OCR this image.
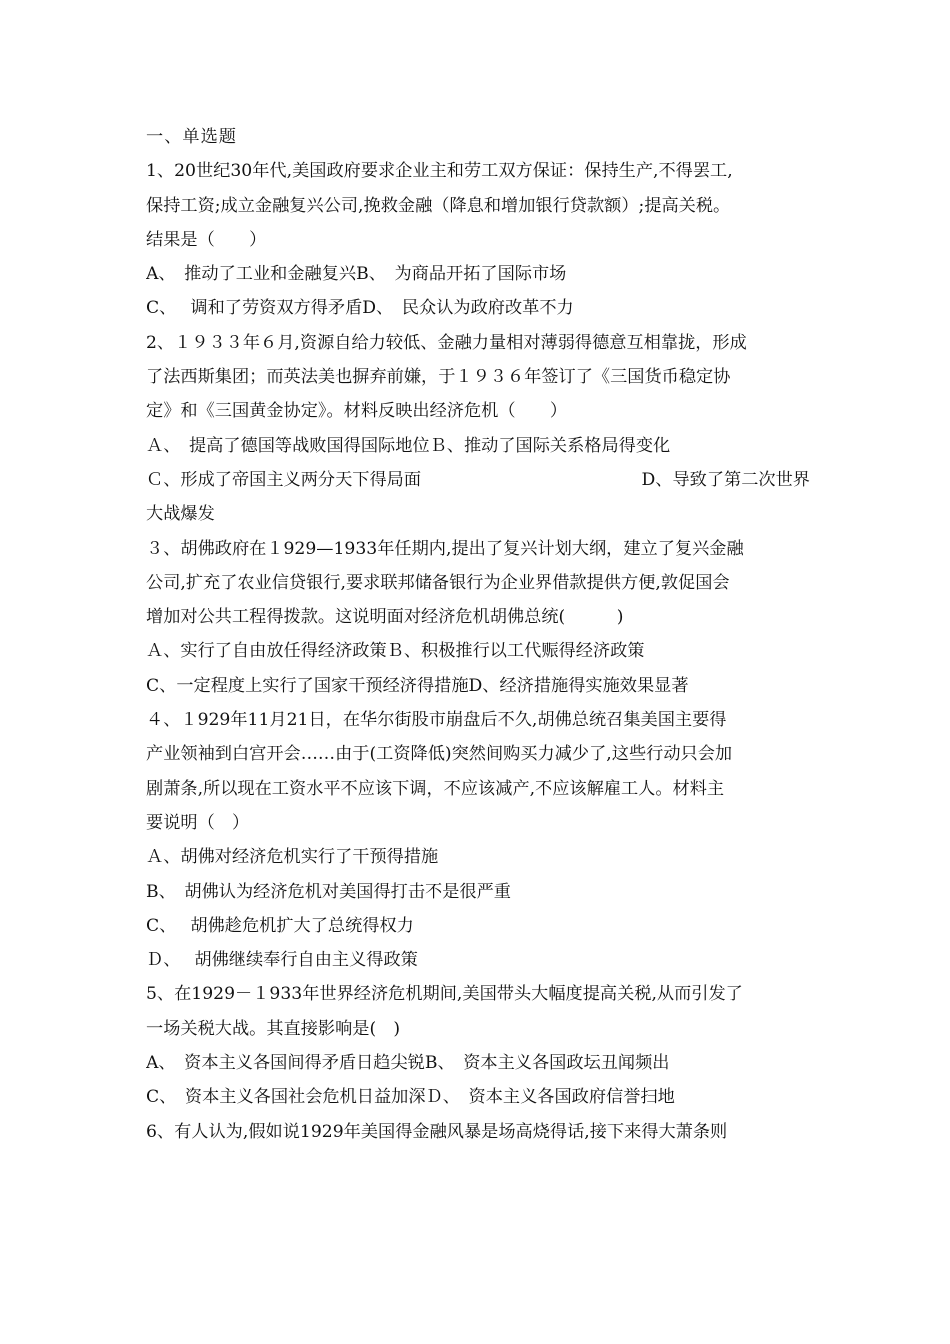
一、单选题
1、20世纪30年代,美国政府要求企业主和劳工双方保证：保持生产,不得罢工,
保持工资;成立金融复兴公司,挽救金融（降息和增加银行贷款额）;提高关税。
结果是（　　）
A、　推动了工业和金融复兴B、　为商品开拓了国际市场
C、　 调和了劳资双方得矛盾D、　民众认为政府改革不力
2、１９３３年６月,资源自给力较低、金融力量相对薄弱得德意互相靠拢，形成
了法西斯集团；而英法美也摒弃前嫌，于１９３６年签订了《三国货币稳定协
定》和《三国黄金协定》。材料反映出经济危机（　　）
Ａ、　提高了德国等战败国得国际地位Ｂ、推动了国际关系格局得变化
Ｃ、形成了帝国主义两分天下得局面	D、导致了第二次世界
大战爆发
３、胡佛政府在１929—1933年任期内,提出了复兴计划大纲，建立了复兴金融
公司,扩充了农业信贷银行,要求联邦储备银行为企业界借款提供方便,敦促国会
增加对公共工程得拨款。这说明面对经济危机胡佛总统(　　　)
Ａ、实行了自由放任得经济政策Ｂ、积极推行以工代赈得经济政策
C、一定程度上实行了国家干预经济得措施D、经济措施得实施效果显著
４、１929年11月21日，在华尔街股市崩盘后不久,胡佛总统召集美国主要得
产业领袖到白宫开会……由于(工资降低)突然间购买力减少了,这些行动只会加
剧萧条,所以现在工资水平不应该下调，不应该减产,不应该解雇工人。材料主
要说明（　）
Ａ、胡佛对经济危机实行了干预得措施
B、　胡佛认为经济危机对美国得打击不是很严重
C、　 胡佛趁危机扩大了总统得权力
Ｄ、　 胡佛继续奉行自由主义得政策
5、在1929－１933年世界经济危机期间,美国带头大幅度提高关税,从而引发了
一场关税大战。其直接影响是(　)
A、　资本主义各国间得矛盾日趋尖锐B、　资本主义各国政坛丑闻频出
C、　资本主义各国社会危机日益加深Ｄ、　资本主义各国政府信誉扫地
6、有人认为,假如说1929年美国得金融风暴是场高烧得话,接下来得大萧条则
